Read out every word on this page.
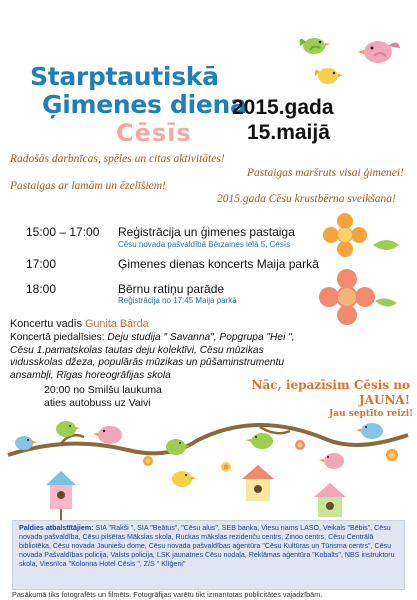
Starptautiskā
Ģimenes diena
Cēsīs
2015.gada
15.maijā
Radošās darbnīcas, spēles un citas aktivitātes!
Pastaigas maršruts visai ģimenei!
Pastaigas ar lamām un ēzelīšiem!
2015.gada Cēsu krustbērna sveikšana!
15:00 – 17:00 Reģistrācija un ģimenes pastaiga
Cēsu novada pašvaldībā Bērzaines ielā 5, Cēsīs
17:00	Ģimenes dienas koncerts Maija parkā
18:00	Bērnu ratiņu parāde
Reģistrācija no 17:45 Maija parkā
Koncertu vadīs Gunita Bārda
Koncertā piedalīsies: Deju studija " Savanna", Popgrupa "Hei ", Cēsu 1.pamatskolas tautas deju kolektīvi, Cēsu mūzikas vidusskolas džeza, populārās mūzikas un pūšaminstrumentu ansambļi, Rīgas horeogrāfijas skola
20:00 no Smilšu laukuma
aties autobuss uz Vaivi
Nāc, iepazīsim Cēsis no
JAUNA!
Jau septīto reizi!
Paldies atbalstītājiem: SIA "Rakši ", SIA "Beātus", "Cēsu alus", SEB banka, Viesu nams LASO, Veikals "Bēbis", Cēsu novada pašvaldība, Cēsu pilsētas Mākslas skola, Ruckas mākslas rezidenču centrs, Zinoo centrs, Cēsu Centrālā bibliotēka, Cēsu novada Jauniešu dome, Cēsu novada pašvaldības aģentūra "Cēsu Kultūras un Tūrisma centrs", Cēsu novada Pašvaldības policija, Valsts policija, LSK jaunatnes Cēsu nodaļa, Reklāmas aģentūra "Kobalts", NBS instruktoru skola, Viesnīca "Kolonna Hotel Cēsis ", Z/S " Klīģeni"
Pasākumā tiks fotografēts un filmēts. Fotogrāfijas varētu tikt izmantotas publicitātes vajadzībām.
